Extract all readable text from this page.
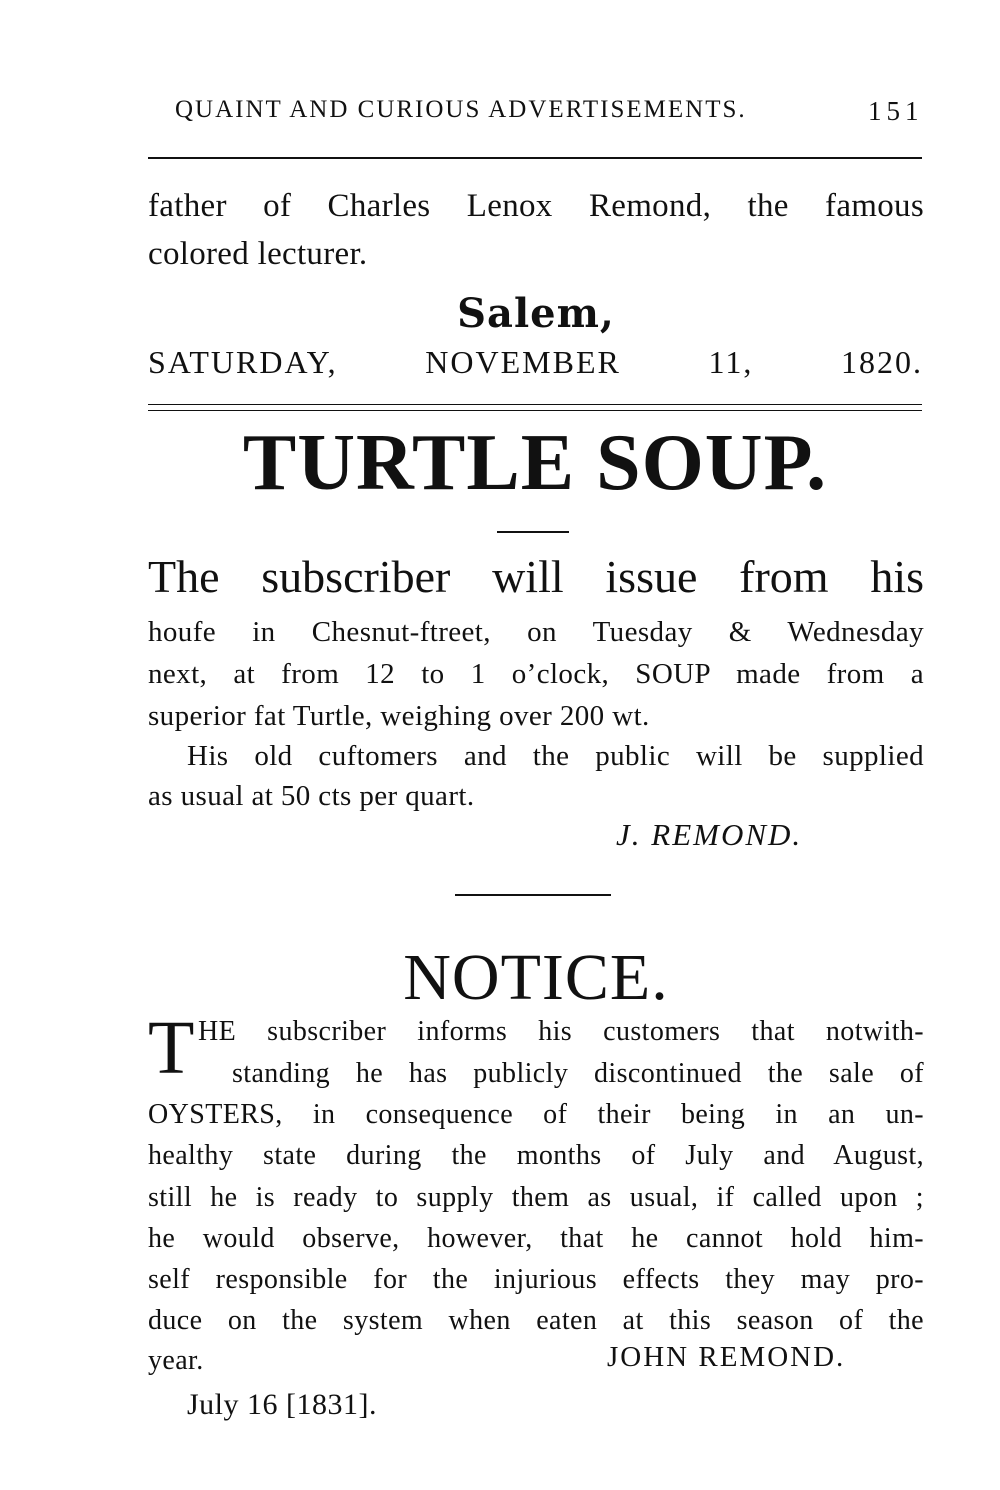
QUAINT AND CURIOUS ADVERTISEMENTS.	151
father of Charles Lenox Remond, the famous
colored lecturer.
Salem,
SATURDAY, NOVEMBER 11, 1820.
TURTLE SOUP.
The subscriber will issue from his
houfe in Chesnut-ftreet, on Tuesday & Wednesday
next, at from 12 to 1 o’clock, SOUP made from a
superior fat Turtle, weighing over 200 wt.
His old cuftomers and the public will be supplied
as usual at 50 cts per quart.
J. REMOND.
NOTICE.
T HE subscriber informs his customers that notwith-
standing he has publicly discontinued the sale of
OYSTERS, in consequence of their being in an un-
healthy state during the months of July and August,
still he is ready to supply them as usual, if called upon ;
he would observe, however, that he cannot hold him-
self responsible for the injurious effects they may pro-
duce on the system when eaten at this season of the
year.	JOHN REMOND.
July 16 [1831].
